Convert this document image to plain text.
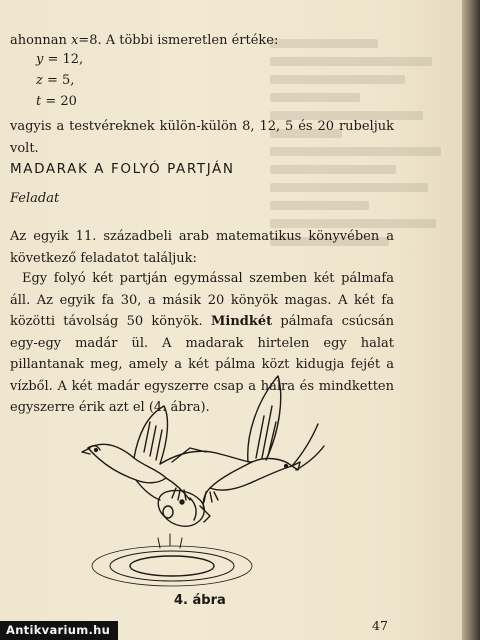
ahonnan x=8. A többi ismeretlen értéke:

y = 12,
z = 5,
t = 20

vagyis a testvéreknek külön-külön 8, 12, 5 és 20 rubeljuk volt.

MADARAK A FOLYÓ PARTJÁN
Feladat

Az egyik 11. századbeli arab matematikus könyvében a következő feladatot találjuk:

Egy folyó két partján egymással szemben két pálmafa áll. Az egyik fa 30, a másik 20 könyök magas. A két fa közötti távolság 50 könyök. Mindkét pálmafa csúcsán egy-egy madár ül. A madarak hirtelen egy halat pillantanak meg, amely a két pálma közt kidugja fejét a vízből. A két madár egyszerre csap a halra és mindketten egyszerre érik azt el (4. ábra).

4. ábra
47
Antikvarium.hu
